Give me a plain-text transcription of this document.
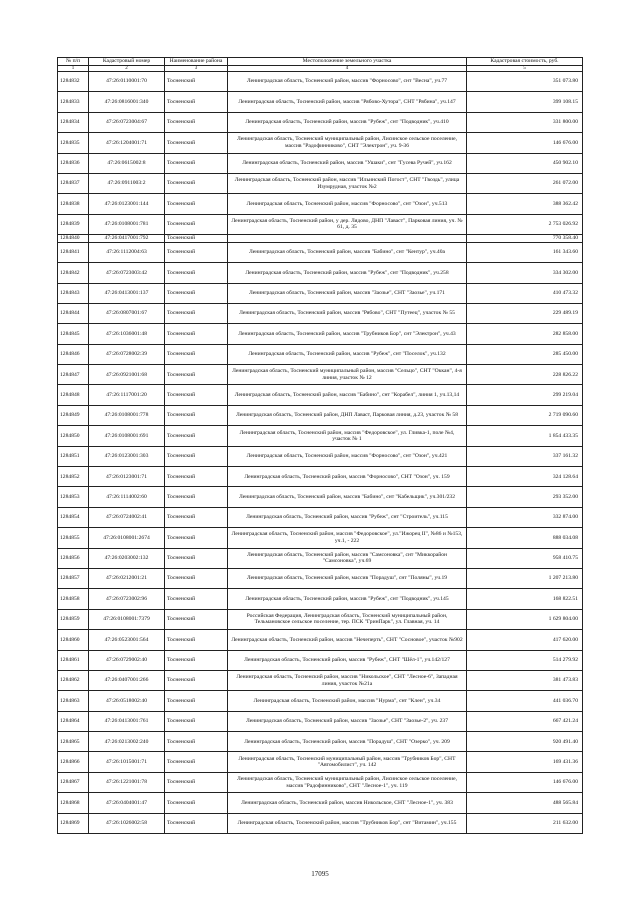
№ п/п	Кадастровый номер	Наименование района	Местоположение земельного участка	Кадастровая стоимость, руб.
1	2	3	4	5
1284832	47:26:0110001:70	Тосненский	Ленинградская область, Тосненский район, массив "Форносово", снт "Весна", уч.77	351 073.80
1284833	47:26:0816001:340	Тосненский	Ленинградская область, Тосненский район, массив "Рябово-Хутора", СНТ "Рябина", уч.147	399 108.15
1284834	47:26:0723004:67	Тосненский	Ленинградская область, Тосненский район, массив "Рубеж", снт "Подводник", уч.410	331 800.00
1284835	47:26:1204001:71	Тосненский	Ленинградская область, Тосненский муниципальный район, Лисинское сельское поселение, массив "Радофинниково", СНТ "Электрон", уч. 9-36	146 676.00
1284836	47:26:0615002:8	Тосненский	Ленинградская область, Тосненский район, массив "Ушаки", снт "Гусева Ручей", уч.162	450 902.10
1284837	47:26:0911003:2	Тосненский	Ленинградская область, Тосненский район, массив "Ильинский Погост", СНТ "Гвоздь", улица Изумрудная, участок №2	261 072.00
1284838	47:26:0123001:144	Тосненский	Ленинградская область, Тосненский район, массив "Форносово", снт "Озон", уч.513	388 362.42
1284839	47:26:0108001:781	Тосненский	Ленинградская область, Тосненский район, у дер. Лядово, ДНП "Лаваст", Парковая линия, уч. № 61, д. 35	2 753 026.92
1284840	47:26:0417001:792	Тосненский		770 358.40
1284841	47:26:1112004:63	Тосненский	Ленинградская область, Тосненский район, массив "Бабино", снт "Кентур", уч.40а	161 343.60
1284842	47:26:0723003:42	Тосненский	Ленинградская область, Тосненский район, массив "Рубеж", снт "Подводник", уч.258	334 302.00
1284843	47:26:0413001:137	Тосненский	Ленинградская область, Тосненский район, массив "Заозье", СНТ "Заозье", уч.171	410 473.32
1284844	47:26:0807001:67	Тосненский	Ленинградская область, Тосненский район, массив "Рябово", СНТ "Путеец", участок № 55	229 489.19
1284845	47:26:1036001:48	Тосненский	Ленинградская область, Тосненский район, массив "Трубников Бор", снт "Электрон", уч.43	282 858.00
1284846	47:26:0728002:39	Тосненский	Ленинградская область, Тосненский район, массив "Рубеж", снт "Поселок", уч.132	285 450.00
1284847	47:26:0921001:68	Тосненский	Ленинградская область, Тосненский муниципальный район, массив "Сельцо", СНТ "Оккан", 4-я линия, участок № 12	228 826.22
1284848	47:26:1117001:20	Тосненский	Ленинградская область, Тосненский район, массив "Бабино", снт "Корабел", линия 1, уч.13,14	299 219.04
1284849	47:26:0108001:778	Тосненский	Ленинградская область, Тосненский район, ДНП Лаваст, Парковая линия, д.23, участок № 58	2 719 090.60
1284850	47:26:0108001:691	Тосненский	Ленинградская область, Тосненский район, массив "Федоровское", ул. Гливка-1, поле №4, участок № 1	1 854 433.35
1284851	47:26:0123001:303	Тосненский	Ленинградская область, Тосненский район, массив "Форносово", снт "Озон", уч.421	337 161.32
1284852	47:26:0123001:71	Тосненский	Ленинградская область, Тосненский район, массив "Форносово", СНТ "Озон", уч. 159	324 128.64
1284853	47:26:1114002:60	Тосненский	Ленинградская область, Тосненский район, массив "Бабино", снт "Кабельщик", уч.301/232	293 352.00
1284854	47:26:0724002:41	Тосненский	Ленинградская область, Тосненский район, массив "Рубеж", снт "Строитель", уч.115	332 874.00
1284855	47:26:0108001:2674	Тосненский	Ленинградская область, Тосненский район, массив "Федоровское", ул."Ижорец II", №86 и №153, уч.1, - 222	888 034.08
1284856	47:26:0203002:132	Тосненский	Ленинградская область, Тосненский район, массив "Самсоновка", снт "Миккорайон "Самсоновка", уч.69	958 410.75
1284857	47:26:0212001:21	Тосненский	Ленинградская область, Тосненский район, массив "Порадуш", снт "Поляны", уч.19	1 207 213.80
1284858	47:26:0723002:96	Тосненский	Ленинградская область, Тосненский район, массив "Рубеж", снт "Подводник", уч.145	168 822.51
1284859	47:26:0108001:7379	Тосненский	Российская Федерация, Ленинградская область, Тосненский муниципальный район, Тельмановское сельское поселение, тер. ПСК "ГринПарк", ул. Главная, уч. 14	1 629 804.00
1284860	47:26:0523001:564	Тосненский	Ленинградская область, Тосненский район, массив "Нечеперть", СНТ "Сосновое", участок №902	417 620.00
1284861	47:26:0729002:40	Тосненский	Ленинградская область, Тосненский район, массив "Рубеж", СНТ "Шёл-1", уч.142/127	514 279.92
1284862	47:26:0407001:266	Тосненский	Ленинградская область, Тосненский район, массив "Никольское", СНТ "Лесное-6", Западная линия, участок №21а	381 473.83
1284863	47:26:0518002:40	Тосненский	Ленинградская область, Тосненский район, массив "Нурма", снт "Клен", уч.34	441 036.70
1284864	47:26:0413001:761	Тосненский	Ленинградская область, Тосненский район, массив "Заозье", СНТ "Заозье-2", уч. 237	667 421.24
1284865	47:26:0213002:240	Тосненский	Ленинградская область, Тосненский район, массив "Порадуш", СНТ "Озерко", уч. 209	920 491.40
1284866	47:26:1015001:71	Тосненский	Ленинградская область, Тосненский муниципальный район, массив "Трубников Бор", СНТ "Автомобилист", уч. 142	169 431.36
1284867	47:26:1221001:78	Тосненский	Ленинградская область, Тосненский муниципальный район, Лисинское сельское поселение, массив "Радофинниково", СНТ "Лесное-1", уч. 119	146 676.00
1284868	47:26:0404001:47	Тосненский	Ленинградская область, Тосненский район, массив Никольское, СНТ "Лесное-1", уч. 383	488 565.84
1284869	47:26:1026002:58	Тосненский	Ленинградская область, Тосненский район, массив "Трубников Бор", снт "Витамин", уч.155	211 632.00
17095
